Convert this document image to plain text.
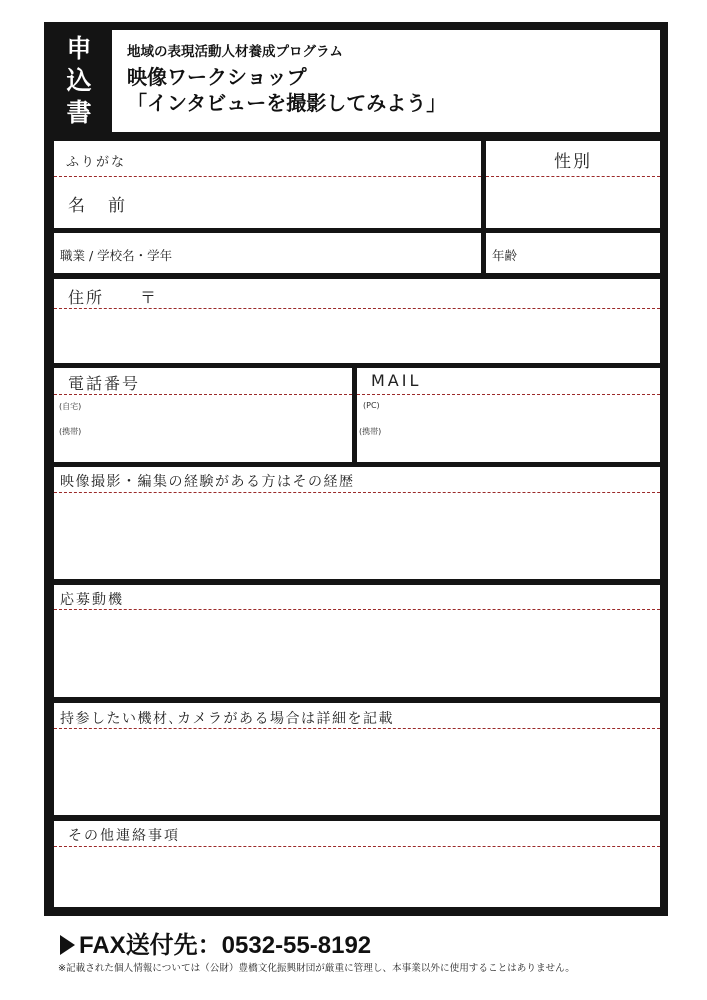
申
込
書
地域の表現活動人材養成プログラム
映像ワークショップ
「インタビューを撮影してみよう」
ふりがな
名　前
性別
職業 / 学校名・学年	年齢
住所　　〒
電話番号
(自宅)
(携帯)
MAIL
(PC)
(携帯)
映像撮影・編集の経験がある方はその経歴
応募動機
持参したい機材､カメラがある場合は詳細を記載
その他連絡事項
FAX送付先：0532-55-8192
※記載された個人情報については（公財）豊橋文化振興財団が厳重に管理し、本事業以外に使用することはありません。
